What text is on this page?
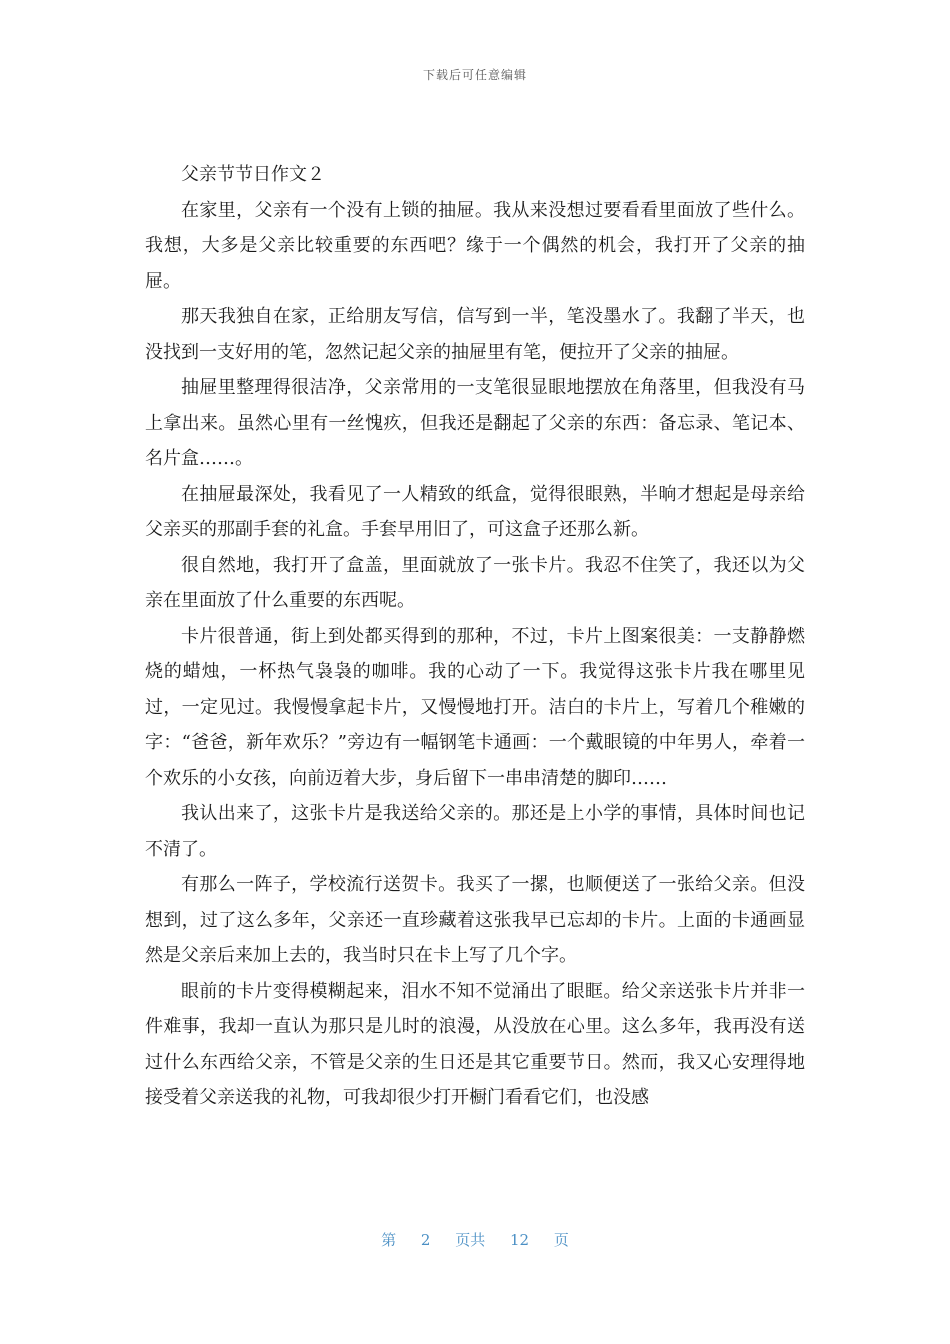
下载后可任意编辑

父亲节节日作文２

在家里，父亲有一个没有上锁的抽屉。我从来没想过要看看里面放了些什么。我想，大多是父亲比较重要的东西吧？缘于一个偶然的机会，我打开了父亲的抽屉。

那天我独自在家，正给朋友写信，信写到一半，笔没墨水了。我翻了半天，也没找到一支好用的笔，忽然记起父亲的抽屉里有笔，便拉开了父亲的抽屉。

抽屉里整理得很洁净，父亲常用的一支笔很显眼地摆放在角落里，但我没有马上拿出来。虽然心里有一丝愧疚，但我还是翻起了父亲的东西：备忘录、笔记本、名片盒……。

在抽屉最深处，我看见了一人精致的纸盒，觉得很眼熟，半晌才想起是母亲给父亲买的那副手套的礼盒。手套早用旧了，可这盒子还那么新。

很自然地，我打开了盒盖，里面就放了一张卡片。我忍不住笑了，我还以为父亲在里面放了什么重要的东西呢。

卡片很普通，街上到处都买得到的那种，不过，卡片上图案很美：一支静静燃烧的蜡烛，一杯热气袅袅的咖啡。我的心动了一下。我觉得这张卡片我在哪里见过，一定见过。我慢慢拿起卡片，又慢慢地打开。洁白的卡片上，写着几个稚嫩的字：“爸爸，新年欢乐？”旁边有一幅钢笔卡通画：一个戴眼镜的中年男人，牵着一个欢乐的小女孩，向前迈着大步，身后留下一串串清楚的脚印……

我认出来了，这张卡片是我送给父亲的。那还是上小学的事情，具体时间也记不清了。

有那么一阵子，学校流行送贺卡。我买了一摞，也顺便送了一张给父亲。但没想到，过了这么多年，父亲还一直珍藏着这张我早已忘却的卡片。上面的卡通画显然是父亲后来加上去的，我当时只在卡上写了几个字。

眼前的卡片变得模糊起来，泪水不知不觉涌出了眼眶。给父亲送张卡片并非一件难事，我却一直认为那只是儿时的浪漫，从没放在心里。这么多年，我再没有送过什么东西给父亲，不管是父亲的生日还是其它重要节日。然而，我又心安理得地接受着父亲送我的礼物，可我却很少打开橱门看看它们，也没感

第 2 页共 12 页
